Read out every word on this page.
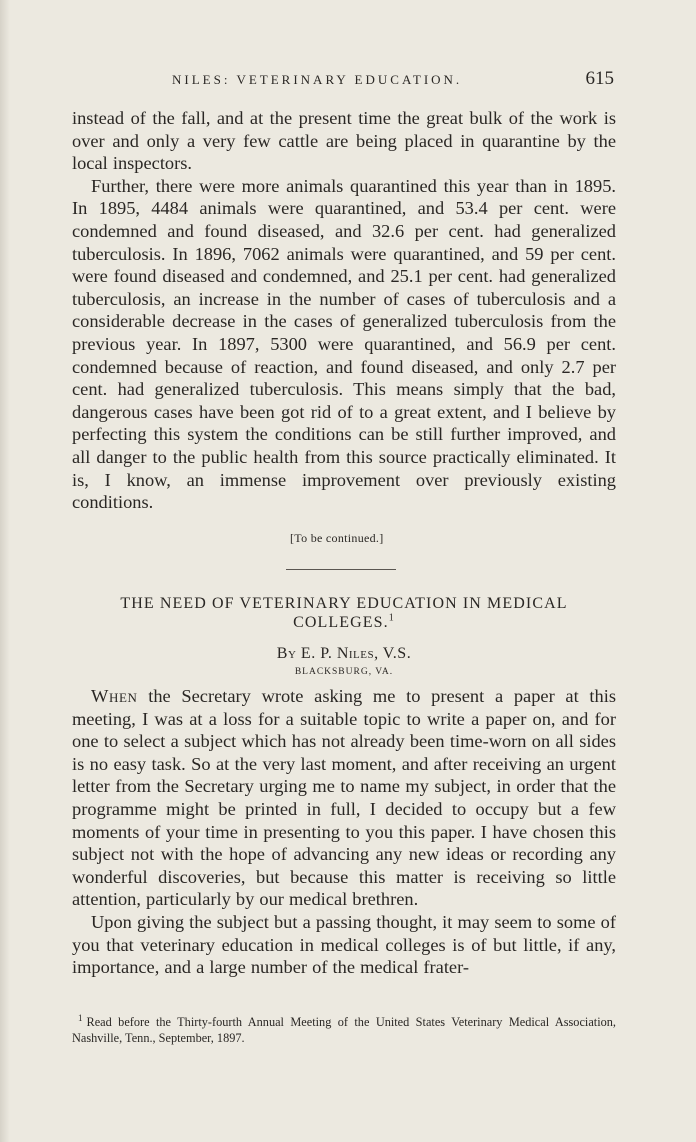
NILES: VETERINARY EDUCATION.	615

instead of the fall, and at the present time the great bulk of the work is over and only a very few cattle are being placed in quarantine by the local inspectors.

Further, there were more animals quarantined this year than in 1895. In 1895, 4484 animals were quarantined, and 53.4 per cent. were condemned and found diseased, and 32.6 per cent. had generalized tuberculosis. In 1896, 7062 animals were quarantined, and 59 per cent. were found diseased and condemned, and 25.1 per cent. had generalized tuberculosis, an increase in the number of cases of tuberculosis and a considerable decrease in the cases of generalized tuberculosis from the previous year. In 1897, 5300 were quarantined, and 56.9 per cent. condemned because of reaction, and found diseased, and only 2.7 per cent. had generalized tuberculosis. This means simply that the bad, dangerous cases have been got rid of to a great extent, and I believe by perfecting this system the conditions can be still further improved, and all danger to the public health from this source practically eliminated. It is, I know, an immense improvement over previously existing conditions.

[To be continued.]
THE NEED OF VETERINARY EDUCATION IN MEDICAL COLLEGES.$^1$
By E. P. Niles, V.S.
BLACKSBURG, VA.

When the Secretary wrote asking me to present a paper at this meeting, I was at a loss for a suitable topic to write a paper on, and for one to select a subject which has not already been time-worn on all sides is no easy task. So at the very last moment, and after receiving an urgent letter from the Secretary urging me to name my subject, in order that the programme might be printed in full, I decided to occupy but a few moments of your time in presenting to you this paper. I have chosen this subject not with the hope of advancing any new ideas or recording any wonderful discoveries, but because this matter is receiving so little attention, particularly by our medical brethren.

Upon giving the subject but a passing thought, it may seem to some of you that veterinary education in medical colleges is of but little, if any, importance, and a large number of the medical frater-

$^1$ Read before the Thirty-fourth Annual Meeting of the United States Veterinary Medical Association, Nashville, Tenn., September, 1897.
